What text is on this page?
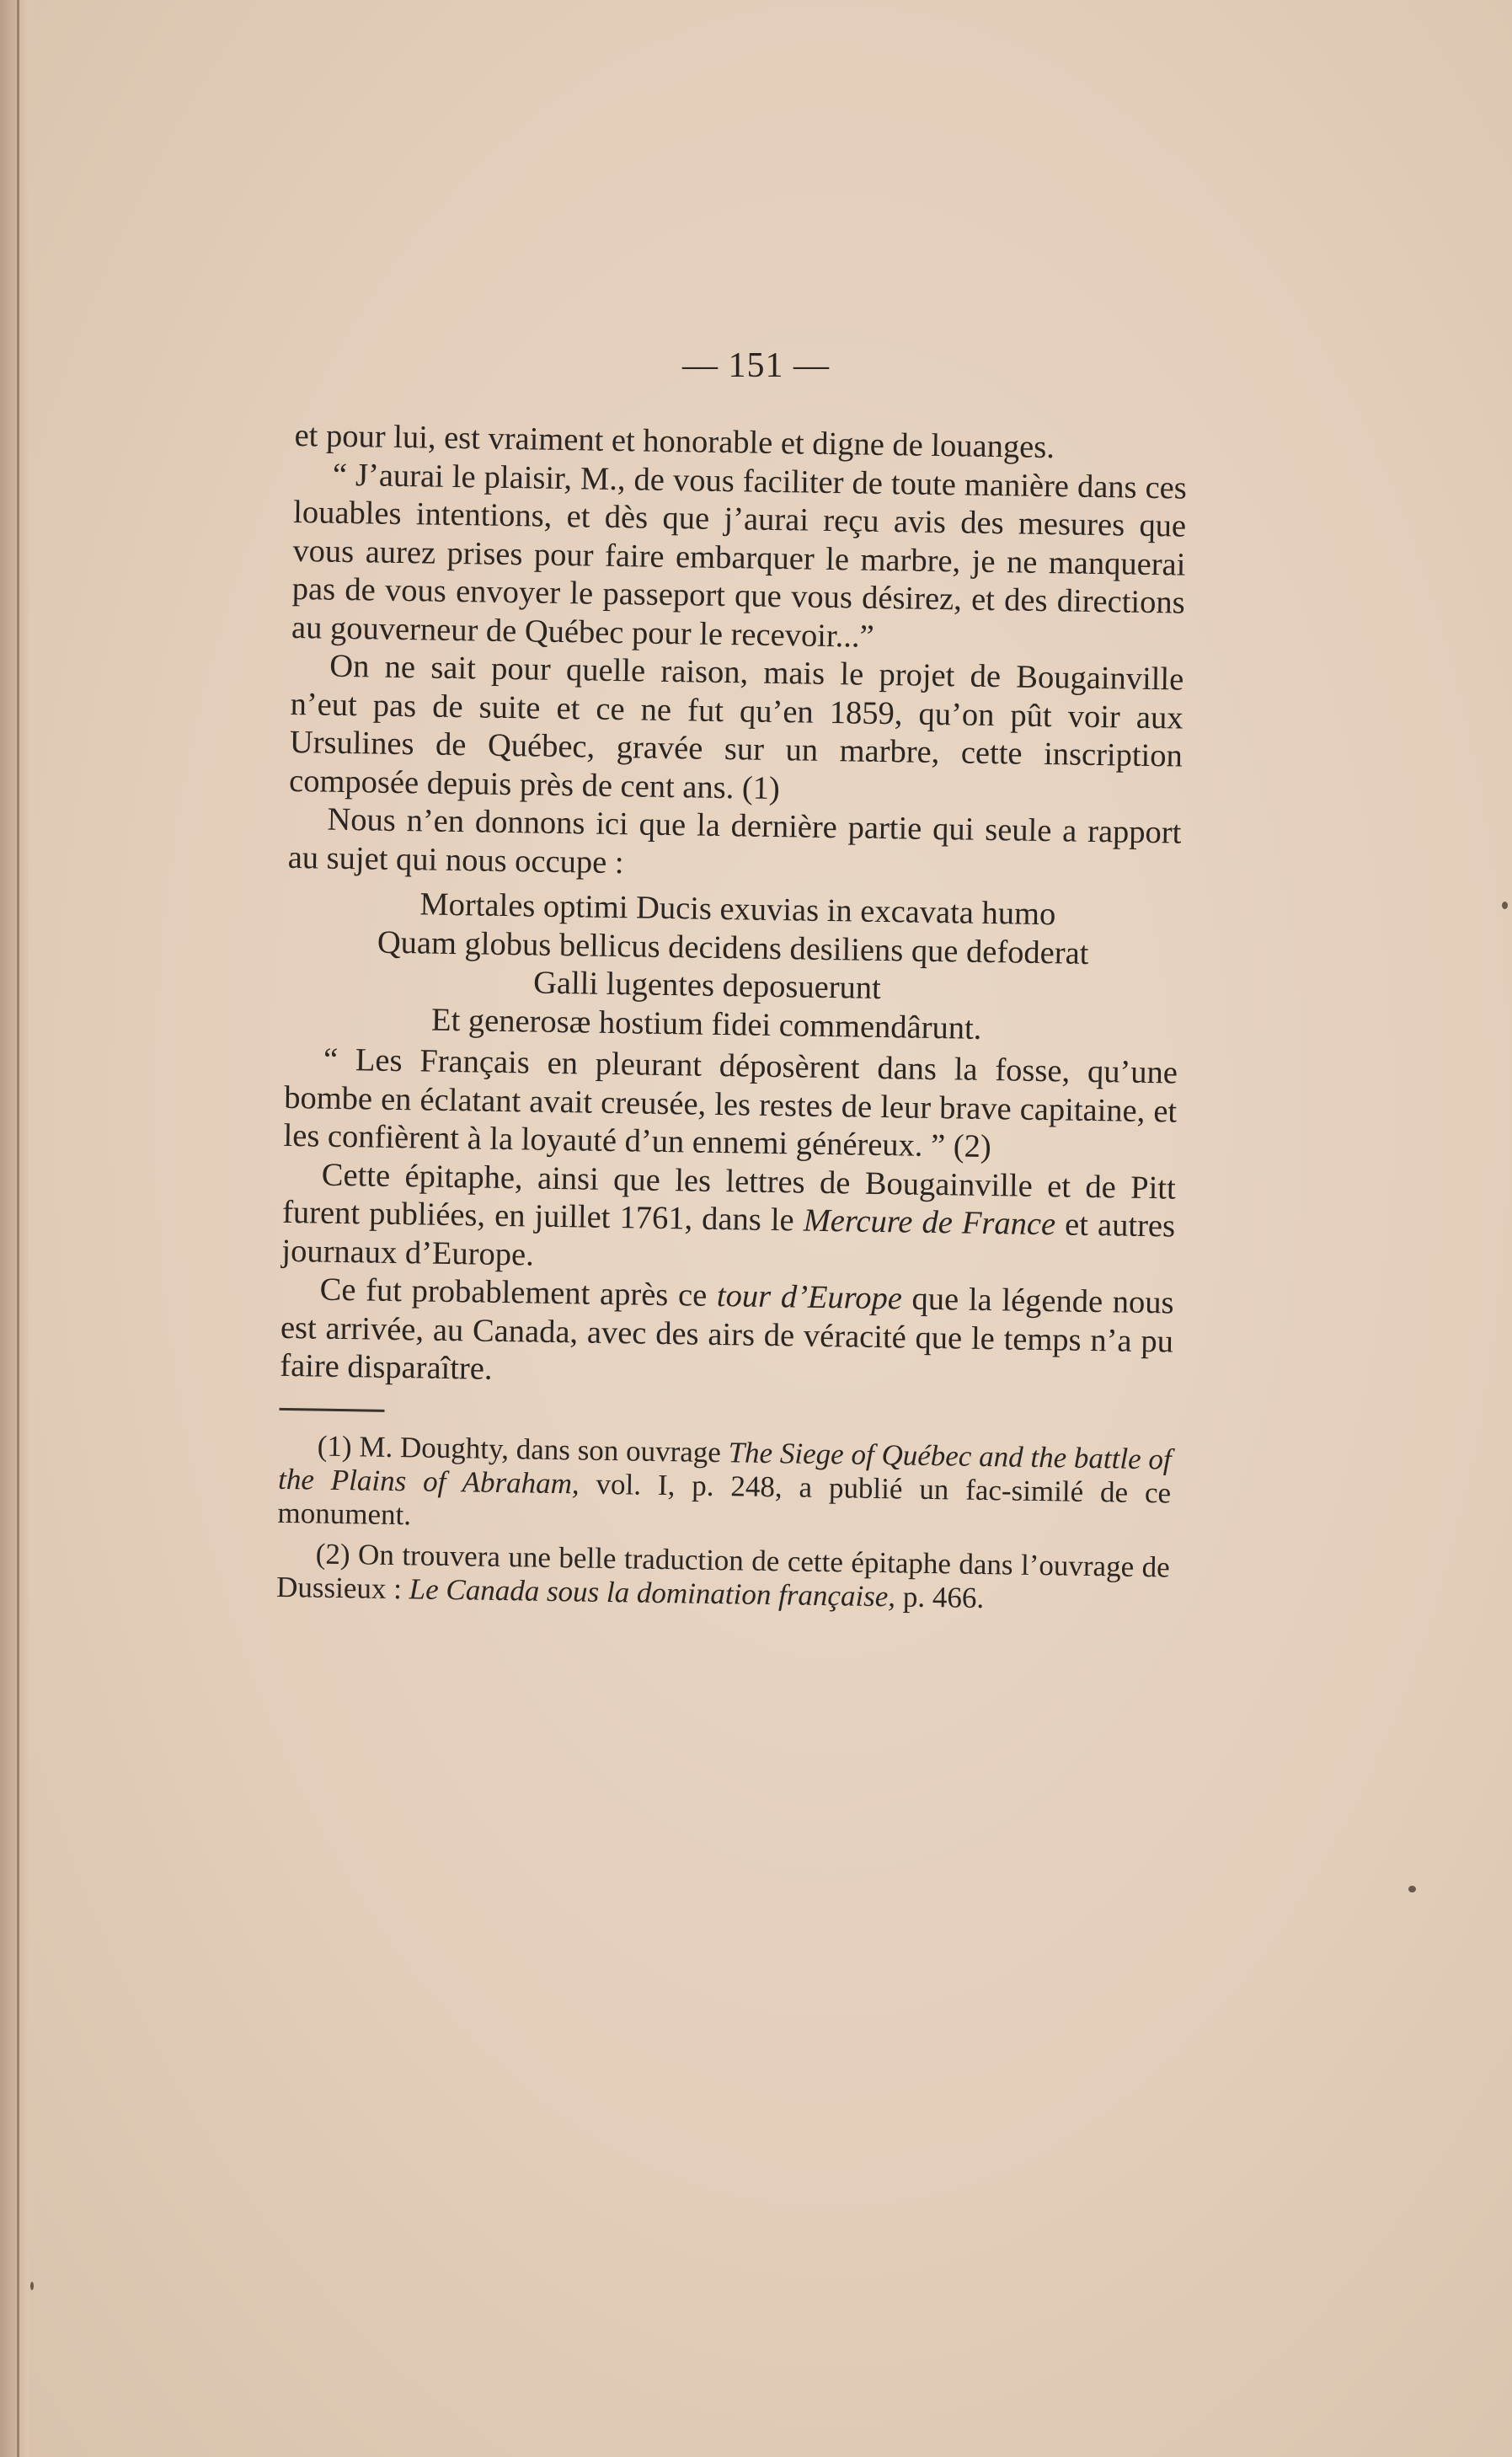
— 151 —

et pour lui, est vraiment et honorable et digne de louanges.

“ J’aurai le plaisir, M., de vous faciliter de toute manière dans ces louables intentions, et dès que j’aurai reçu avis des mesures que vous aurez prises pour faire embarquer le marbre, je ne manquerai pas de vous envoyer le passeport que vous désirez, et des directions au gouverneur de Québec pour le recevoir...”

On ne sait pour quelle raison, mais le projet de Bougainville n’eut pas de suite et ce ne fut qu’en 1859, qu’on pût voir aux Ursulines de Québec, gravée sur un marbre, cette inscription composée depuis près de cent ans. (1)

Nous n’en donnons ici que la dernière partie qui seule a rapport au sujet qui nous occupe :

Mortales optimi Ducis exuvias in excavata humo
Quam globus bellicus decidens desiliens que defoderat
Galli lugentes deposuerunt
Et generosæ hostium fidei commendârunt.

“ Les Français en pleurant déposèrent dans la fosse, qu’une bombe en éclatant avait creusée, les restes de leur brave capitaine, et les confièrent à la loyauté d’un ennemi généreux. ” (2)

Cette épitaphe, ainsi que les lettres de Bougainville et de Pitt furent publiées, en juillet 1761, dans le Mercure de France et autres journaux d’Europe.

Ce fut probablement après ce tour d’Europe que la légende nous est arrivée, au Canada, avec des airs de véracité que le temps n’a pu faire disparaître.

(1) M. Doughty, dans son ouvrage The Siege of Québec and the battle of the Plains of Abraham, vol. I, p. 248, a publié un fac-similé de ce monument.

(2) On trouvera une belle traduction de cette épitaphe dans l’ouvrage de Dussieux : Le Canada sous la domination française, p. 466.
